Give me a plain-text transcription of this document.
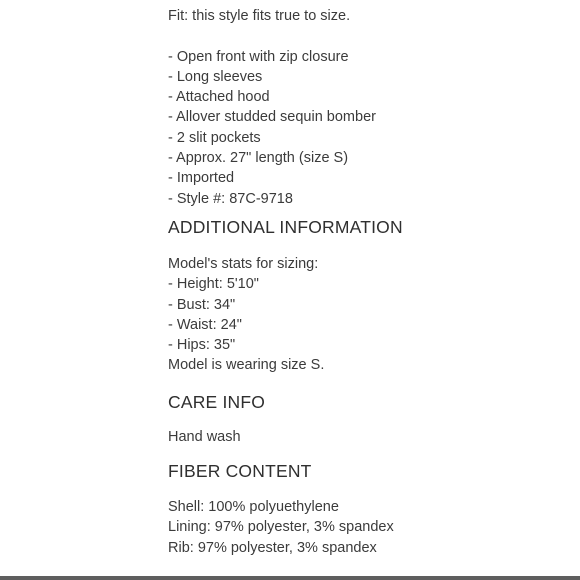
Fit: this style fits true to size.
- Open front with zip closure
- Long sleeves
- Attached hood
- Allover studded sequin bomber
- 2 slit pockets
- Approx. 27" length (size S)
- Imported
- Style #: 87C-9718
ADDITIONAL INFORMATION
Model's stats for sizing:
- Height: 5'10"
- Bust: 34"
- Waist: 24"
- Hips: 35"
Model is wearing size S.
CARE INFO
Hand wash
FIBER CONTENT
Shell: 100% polyuethylene
Lining: 97% polyester, 3% spandex
Rib: 97% polyester, 3% spandex
